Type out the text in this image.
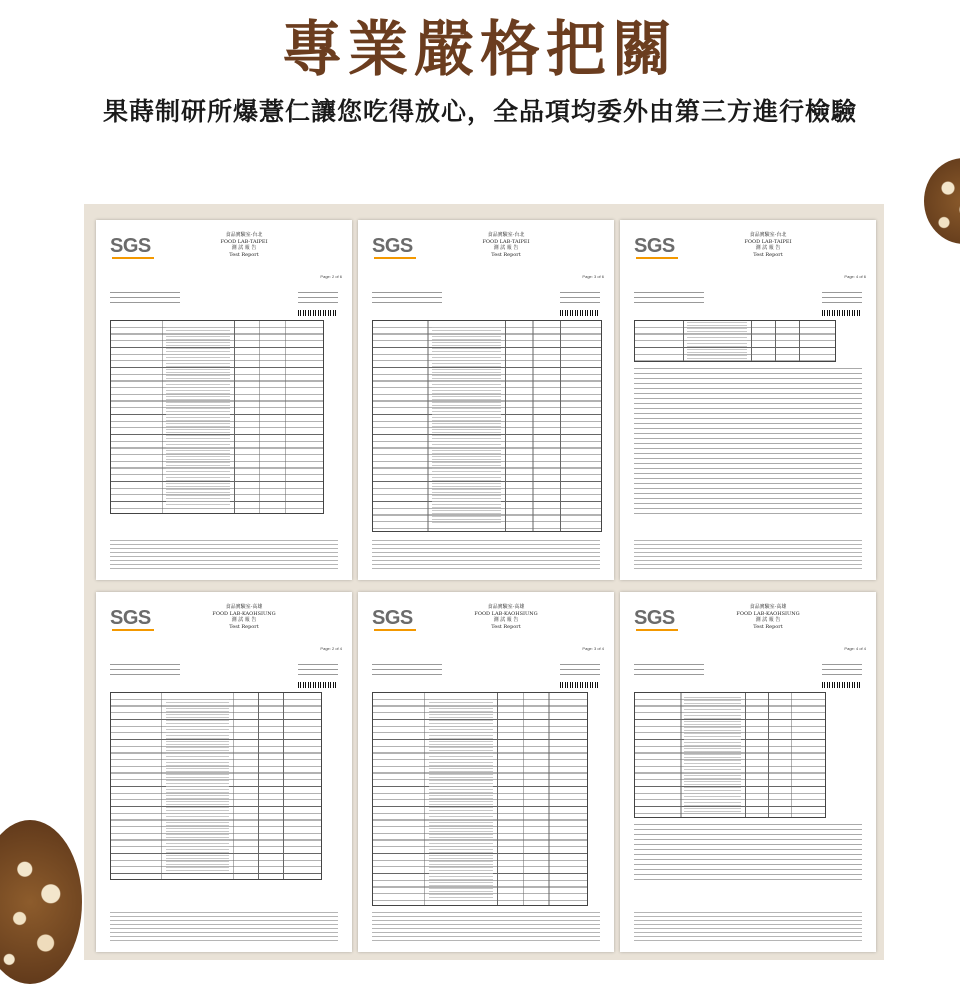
專業嚴格把關
果蒔制研所爆薏仁讓您吃得放心，全品項均委外由第三方進行檢驗
SGS	食品實驗室-台北
FOOD LAB-TAIPEI
測 試 報 告
Test Report
Page: 2 of 6
SGS	食品實驗室-台北
FOOD LAB-TAIPEI
測 試 報 告
Test Report
Page: 3 of 6
SGS	食品實驗室-台北
FOOD LAB-TAIPEI
測 試 報 告
Test Report
Page: 4 of 6
SGS	食品實驗室-高雄
FOOD LAB-KAOHSIUNG
測 試 報 告
Test Report
Page: 2 of 4
SGS	食品實驗室-高雄
FOOD LAB-KAOHSIUNG
測 試 報 告
Test Report
Page: 3 of 4
SGS	食品實驗室-高雄
FOOD LAB-KAOHSIUNG
測 試 報 告
Test Report
Page: 4 of 4
